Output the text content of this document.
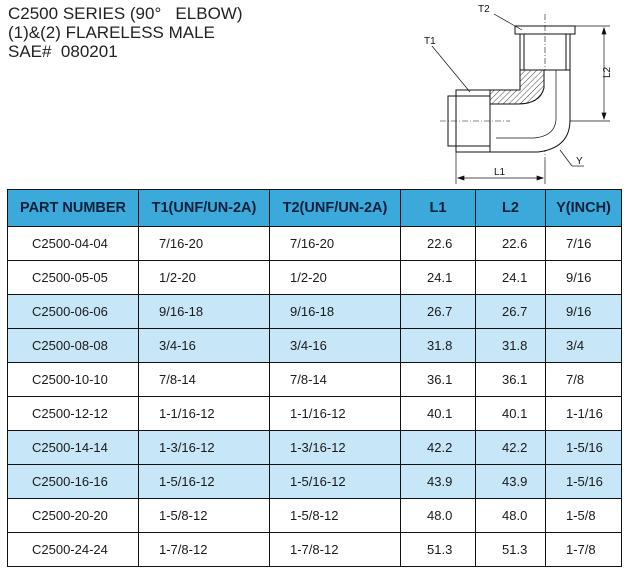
C2500 SERIES (90°   ELBOW)
(1)&(2) FLARELESS MALE
SAE#  080201
L2
L1
T1
T2
Y
PART NUMBER	T1(UNF/UN-2A)	T2(UNF/UN-2A)	L1	L2	Y(INCH)
C2500-04-04	7/16-20	7/16-20	22.6	22.6	7/16
C2500-05-05	1/2-20	1/2-20	24.1	24.1	9/16
C2500-06-06	9/16-18	9/16-18	26.7	26.7	9/16
C2500-08-08	3/4-16	3/4-16	31.8	31.8	3/4
C2500-10-10	7/8-14	7/8-14	36.1	36.1	7/8
C2500-12-12	1-1/16-12	1-1/16-12	40.1	40.1	1-1/16
C2500-14-14	1-3/16-12	1-3/16-12	42.2	42.2	1-5/16
C2500-16-16	1-5/16-12	1-5/16-12	43.9	43.9	1-5/16
C2500-20-20	1-5/8-12	1-5/8-12	48.0	48.0	1-5/8
C2500-24-24	1-7/8-12	1-7/8-12	51.3	51.3	1-7/8
